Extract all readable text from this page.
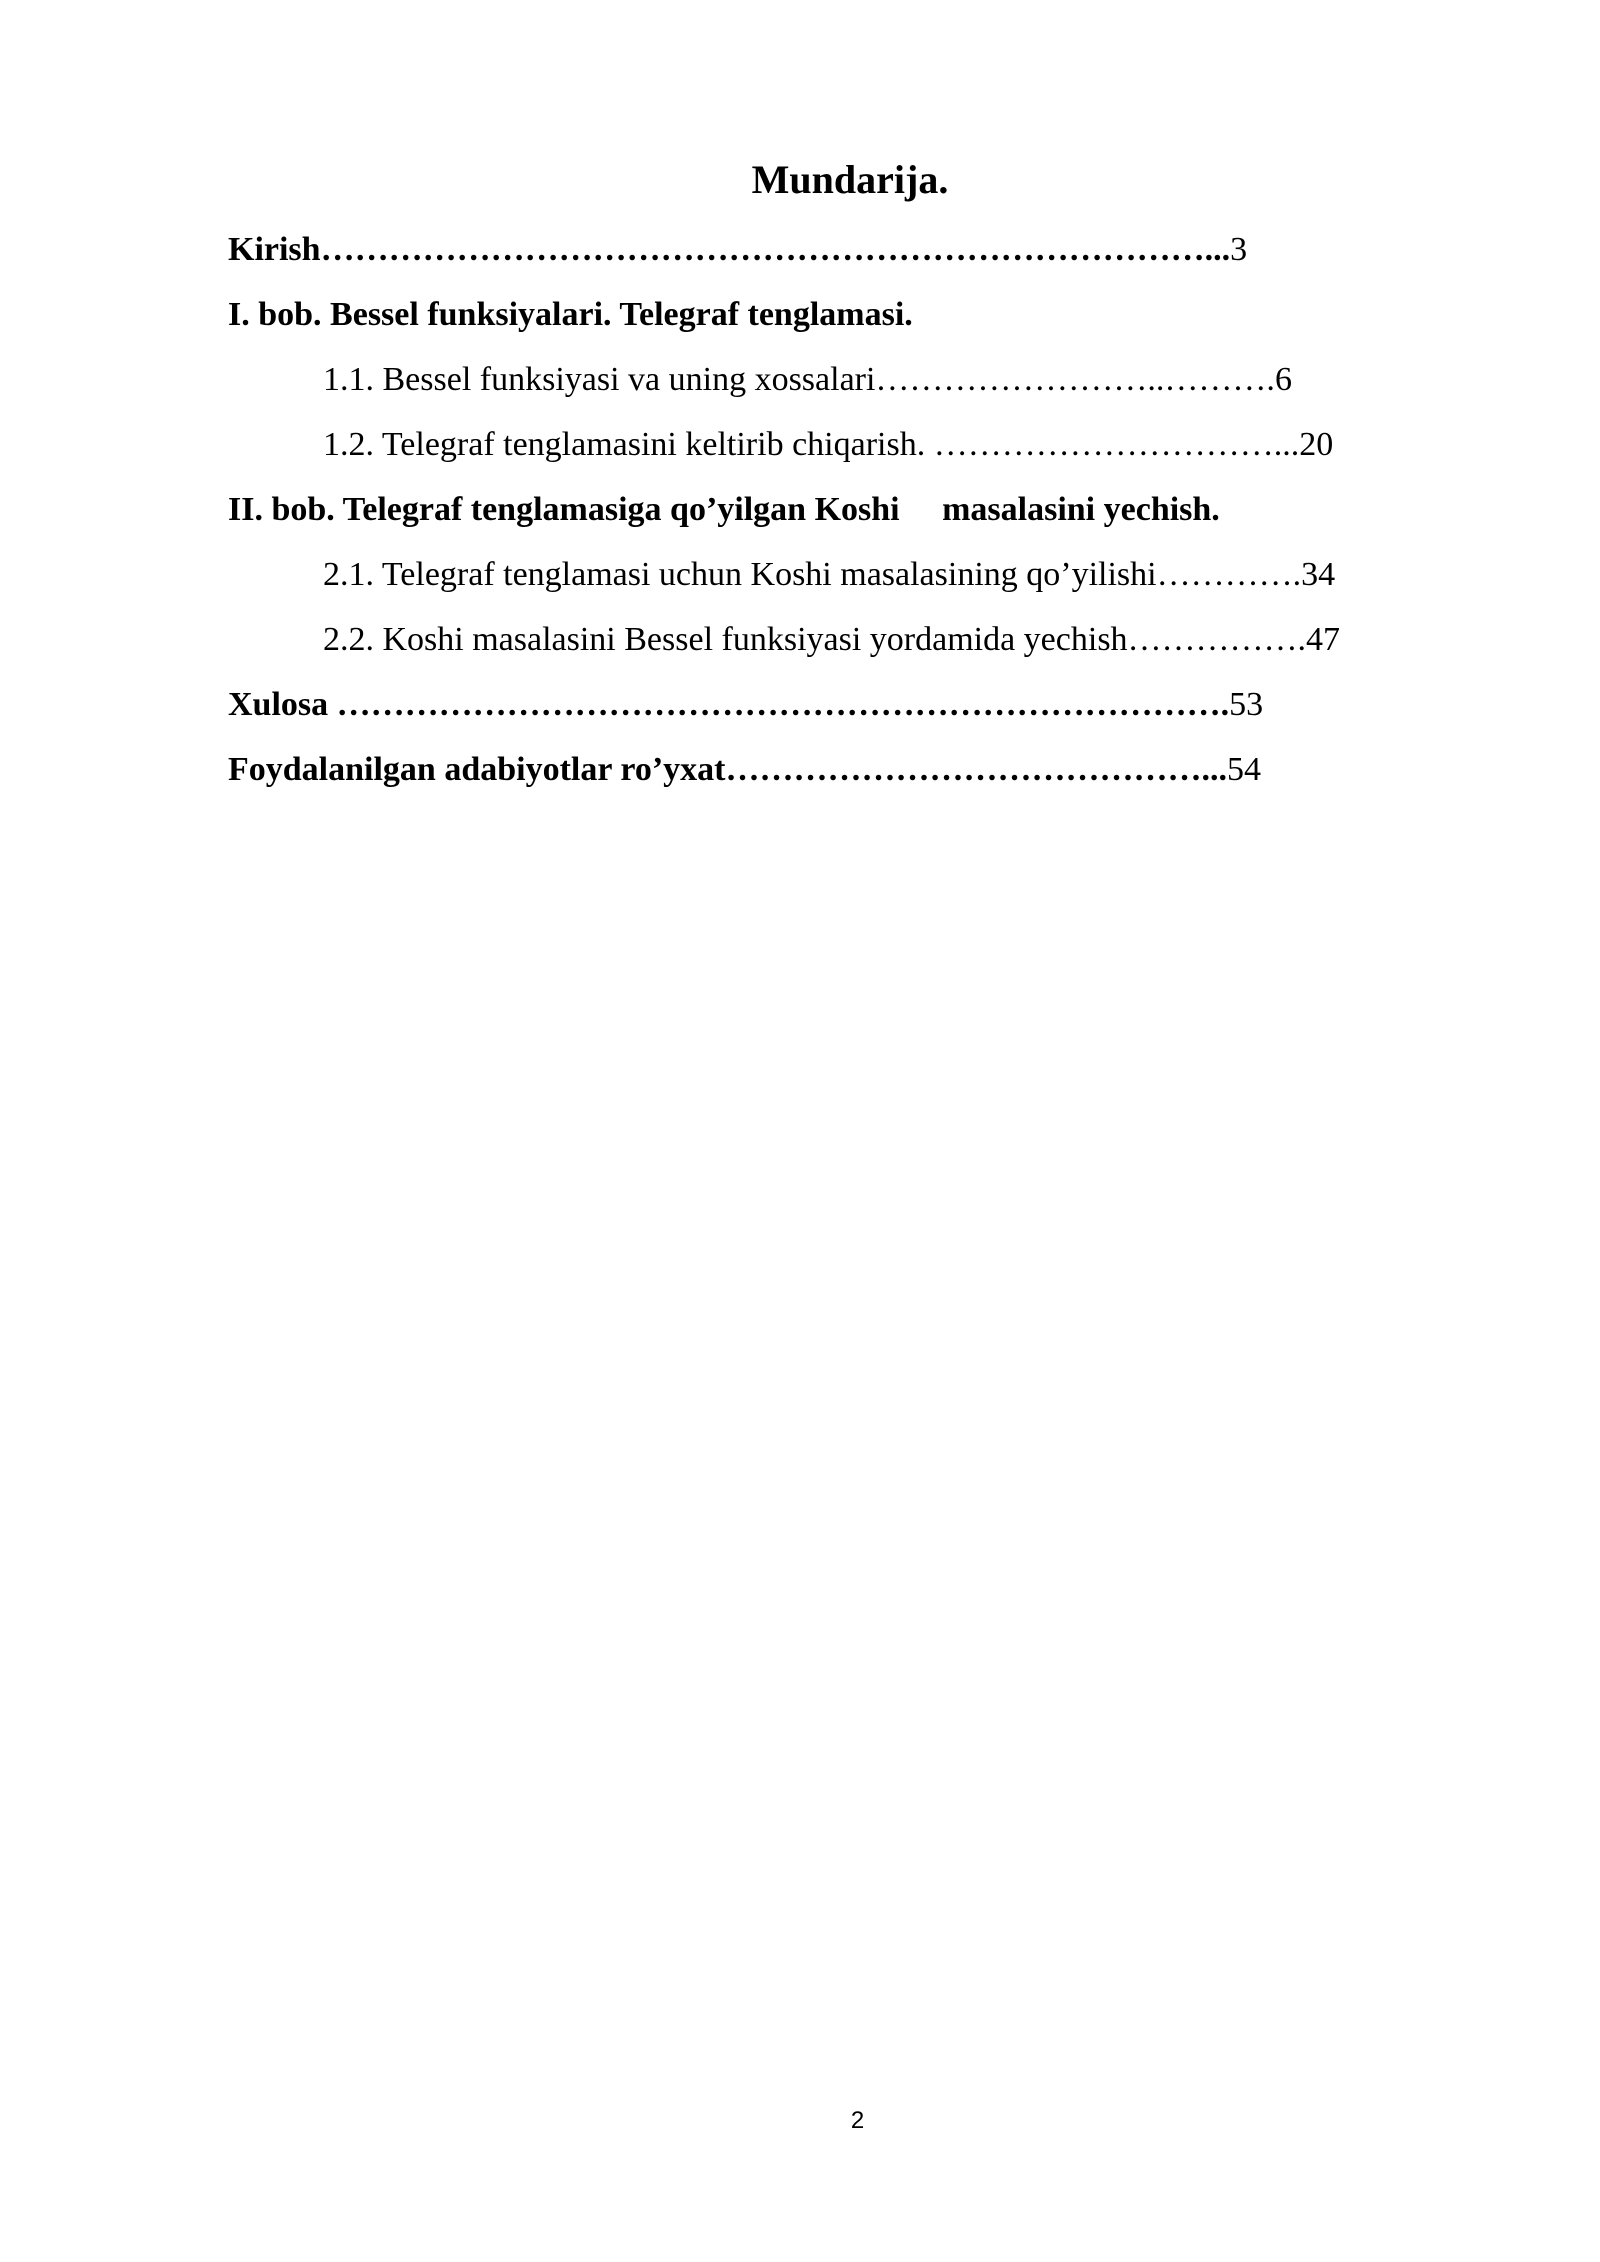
Mundarija.
Kirish……………………………………………………………………...3
I. bob. Bessel funksiyalari. Telegraf tenglamasi.
1.1. Bessel funksiyasi va uning xossalari……………………..……….6
1.2. Telegraf tenglamasini keltirib chiqarish. …………………………...20
II. bob. Telegraf tenglamasiga qo’yilgan Koshi     masalasini yechish.
2.1. Telegraf tenglamasi uchun Koshi masalasining qo’yilishi………….34
2.2. Koshi masalasini Bessel funksiyasi yordamida yechish…………….47
Xulosa …………………………………………………………………….53
Foydalanilgan adabiyotlar ro’yxat……………………………………...54
2
